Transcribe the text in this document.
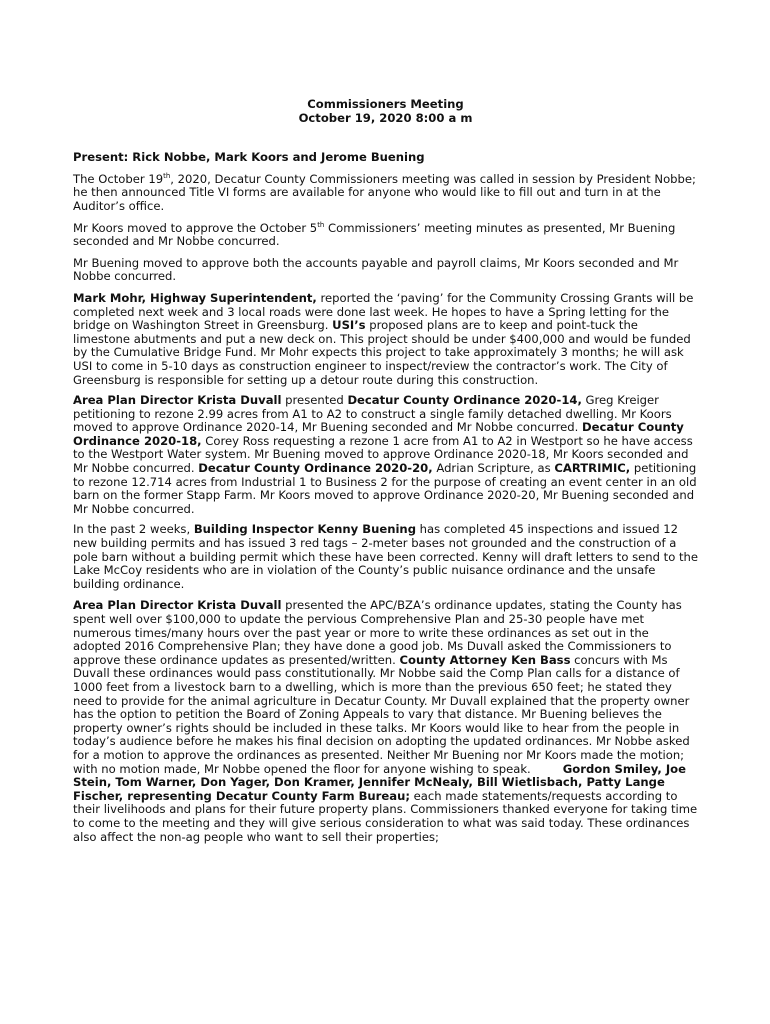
Commissioners Meeting

October 19, 2020 8:00 a m

Present: Rick Nobbe, Mark Koors and Jerome Buening

The October 19th, 2020, Decatur County Commissioners meeting was called in session by President Nobbe; he then announced Title VI forms are available for anyone who would like to fill out and turn in at the Auditor’s office.

Mr Koors moved to approve the October 5th Commissioners’ meeting minutes as presented, Mr Buening seconded and Mr Nobbe concurred.

Mr Buening moved to approve both the accounts payable and payroll claims, Mr Koors seconded and Mr Nobbe concurred.

Mark Mohr, Highway Superintendent, reported the ‘paving’ for the Community Crossing Grants will be completed next week and 3 local roads were done last week. He hopes to have a Spring letting for the bridge on Washington Street in Greensburg. USI’s proposed plans are to keep and point-tuck the limestone abutments and put a new deck on. This project should be under $400,000 and would be funded by the Cumulative Bridge Fund. Mr Mohr expects this project to take approximately 3 months; he will ask USI to come in 5-10 days as construction engineer to inspect/review the contractor’s work. The City of Greensburg is responsible for setting up a detour route during this construction.

Area Plan Director Krista Duvall presented Decatur County Ordinance 2020-14, Greg Kreiger petitioning to rezone 2.99 acres from A1 to A2 to construct a single family detached dwelling. Mr Koors moved to approve Ordinance 2020-14, Mr Buening seconded and Mr Nobbe concurred. Decatur County Ordinance 2020-18, Corey Ross requesting a rezone 1 acre from A1 to A2 in Westport so he have access to the Westport Water system. Mr Buening moved to approve Ordinance 2020-18, Mr Koors seconded and Mr Nobbe concurred. Decatur County Ordinance 2020-20, Adrian Scripture, as CARTRIMIC, petitioning to rezone 12.714 acres from Industrial 1 to Business 2 for the purpose of creating an event center in an old barn on the former Stapp Farm. Mr Koors moved to approve Ordinance 2020-20, Mr Buening seconded and Mr Nobbe concurred.

In the past 2 weeks, Building Inspector Kenny Buening has completed 45 inspections and issued 12 new building permits and has issued 3 red tags – 2-meter bases not grounded and the construction of a pole barn without a building permit which these have been corrected. Kenny will draft letters to send to the Lake McCoy residents who are in violation of the County’s public nuisance ordinance and the unsafe building ordinance.

Area Plan Director Krista Duvall presented the APC/BZA’s ordinance updates, stating the County has spent well over $100,000 to update the pervious Comprehensive Plan and 25-30 people have met numerous times/many hours over the past year or more to write these ordinances as set out in the adopted 2016 Comprehensive Plan; they have done a good job. Ms Duvall asked the Commissioners to approve these ordinance updates as presented/written. County Attorney Ken Bass concurs with Ms Duvall these ordinances would pass constitutionally. Mr Nobbe said the Comp Plan calls for a distance of 1000 feet from a livestock barn to a dwelling, which is more than the previous 650 feet; he stated they need to provide for the animal agriculture in Decatur County. Mr Duvall explained that the property owner has the option to petition the Board of Zoning Appeals to vary that distance. Mr Buening believes the property owner’s rights should be included in these talks. Mr Koors would like to hear from the people in today’s audience before he makes his final decision on adopting the updated ordinances. Mr Nobbe asked for a motion to approve the ordinances as presented. Neither Mr Buening nor Mr Koors made the motion; with no motion made, Mr Nobbe opened the floor for anyone wishing to speak.	Gordon Smiley, Joe Stein, Tom Warner, Don Yager, Don Kramer, Jennifer McNealy, Bill Wietlisbach, Patty Lange Fischer, representing Decatur County Farm Bureau; each made statements/requests according to their livelihoods and plans for their future property plans. Commissioners thanked everyone for taking time to come to the meeting and they will give serious consideration to what was said today. These ordinances also affect the non-ag people who want to sell their properties;
